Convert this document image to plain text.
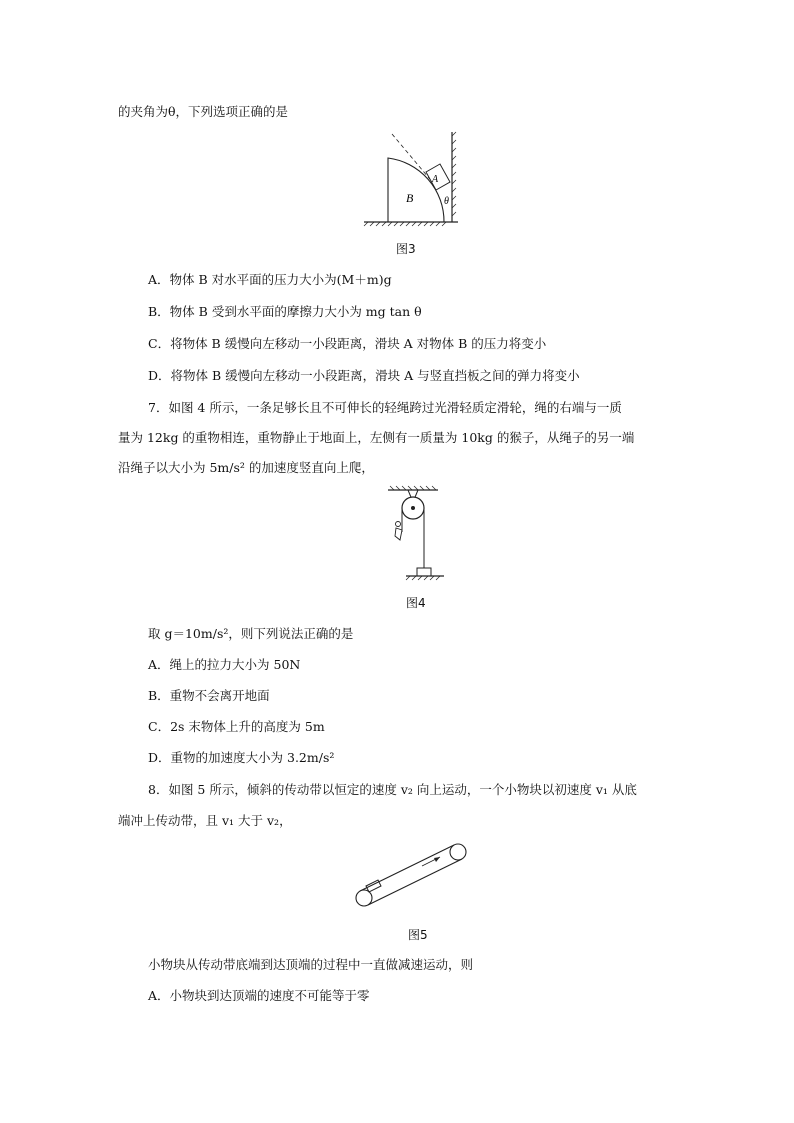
的夹角为θ，下列选项正确的是
B
A
θ
图3
A．物体 B 对水平面的压力大小为(M＋m)g
B．物体 B 受到水平面的摩擦力大小为 mg tan θ
C．将物体 B 缓慢向左移动一小段距离，滑块 A 对物体 B 的压力将变小
D．将物体 B 缓慢向左移动一小段距离，滑块 A 与竖直挡板之间的弹力将变小
7．如图 4 所示，一条足够长且不可伸长的轻绳跨过光滑轻质定滑轮，绳的右端与一质
量为 12kg 的重物相连，重物静止于地面上，左侧有一质量为 10kg 的猴子，从绳子的另一端
沿绳子以大小为 5m/s² 的加速度竖直向上爬，
图4
取 g＝10m/s²，则下列说法正确的是
A．绳上的拉力大小为 50N
B．重物不会离开地面
C．2s 末物体上升的高度为 5m
D．重物的加速度大小为 3.2m/s²
8．如图 5 所示，倾斜的传动带以恒定的速度 v₂ 向上运动，一个小物块以初速度 v₁ 从底
端冲上传动带，且 v₁ 大于 v₂，
图5
小物块从传动带底端到达顶端的过程中一直做减速运动，则
A．小物块到达顶端的速度不可能等于零
